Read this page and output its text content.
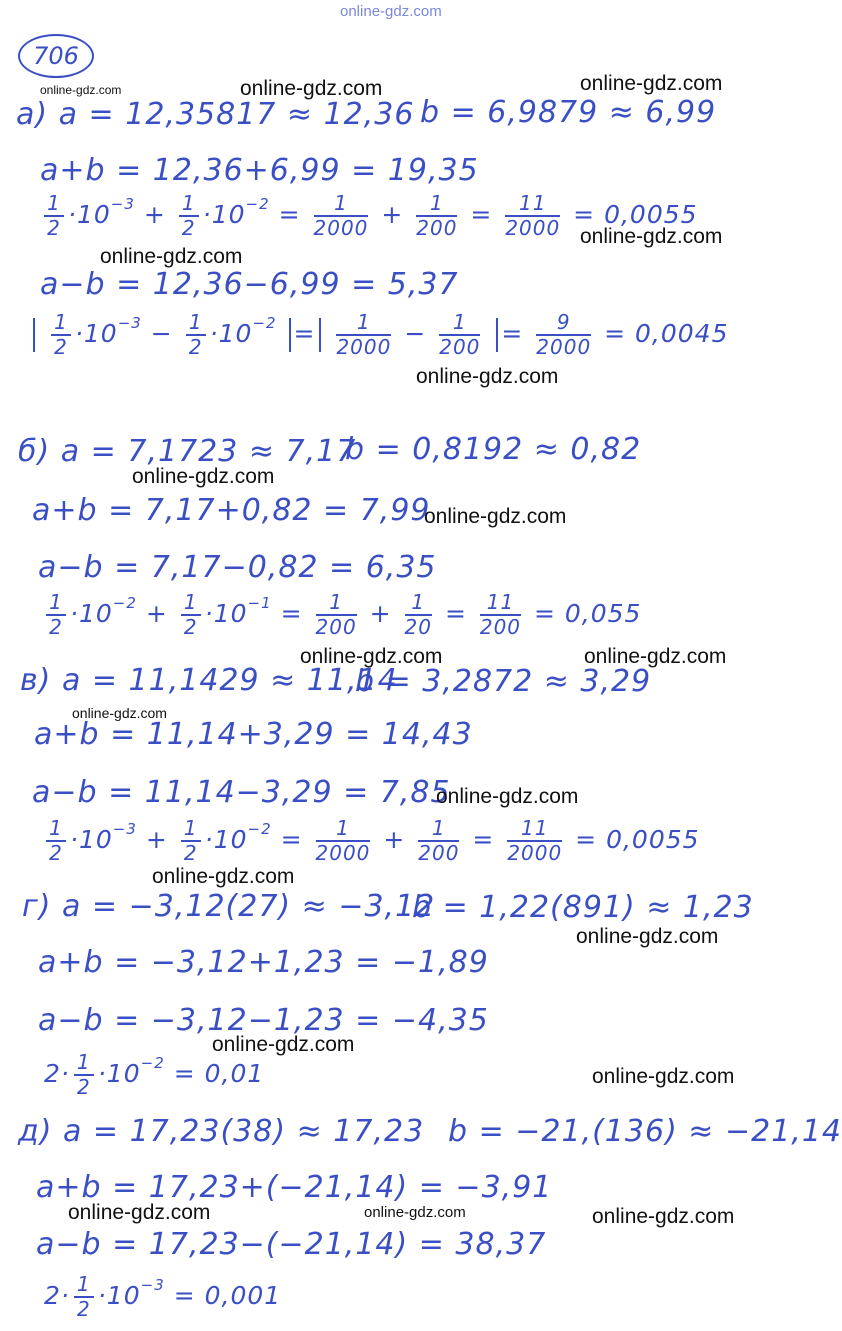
online-gdz.com
706
а) a = 12,35817 ≈ 12,36 b = 6,9879 ≈ 6,99
a+b = 12,36+6,99 = 19,35
$\frac{1}{2} \cdot 10^{-3} + \frac{1}{2} \cdot 10^{-2} = \frac{1}{2000} + \frac{1}{200} = \frac{11}{2000} = 0,0055$
a−b = 12,36−6,99 = 5,37

$\frac{1}{2} \cdot 10^{-3} - \frac{1}{2} \cdot 10^{-2} = \frac{1}{2000} - \frac{1}{200} = \frac{9}{2000} = 0,0045$
б) a = 7,1723 ≈ 7,17
b = 0,8192 ≈ 0,82
a+b = 7,17+0,82 = 7,99
a−b = 7,17−0,82 = 6,35
$\frac{1}{2} \cdot 10^{-2} + \frac{1}{2} \cdot 10^{-1} = \frac{1}{200} + \frac{1}{20} = \frac{11}{200} = 0,055$
в) a = 11,1429 ≈ 11,14
b = 3,2872 ≈ 3,29
a+b = 11,14+3,29 = 14,43
a−b = 11,14−3,29 = 7,85
$\frac{1}{2} \cdot 10^{-3} + \frac{1}{2} \cdot 10^{-2} = \frac{1}{2000} + \frac{1}{200} = \frac{11}{2000} = 0,0055$
г) a = −3,12(27) ≈ −3,12
b = 1,22(891) ≈ 1,23
a+b = −3,12+1,23 = −1,89
a−b = −3,12−1,23 = −4,35
$2\cdot \frac{1}{2} \cdot 10^{-2} = 0,01$
д) a = 17,23(38) ≈ 17,23 b = −21,(136) ≈ −21,14
a+b = 17,23+(−21,14) = −3,91
a−b = 17,23−(−21,14) = 38,37
$2\cdot \frac{1}{2} \cdot 10^{-3} = 0,001$
online-gdz.com	online-gdz.com
online-gdz.com
online-gdz.com
online-gdz.com
online-gdz.com
online-gdz.com
online-gdz.com
online-gdz.com	online-gdz.com
online-gdz.com
online-gdz.com
online-gdz.com
online-gdz.com
online-gdz.com
online-gdz.com
online-gdz.com	online-gdz.com	online-gdz.com
